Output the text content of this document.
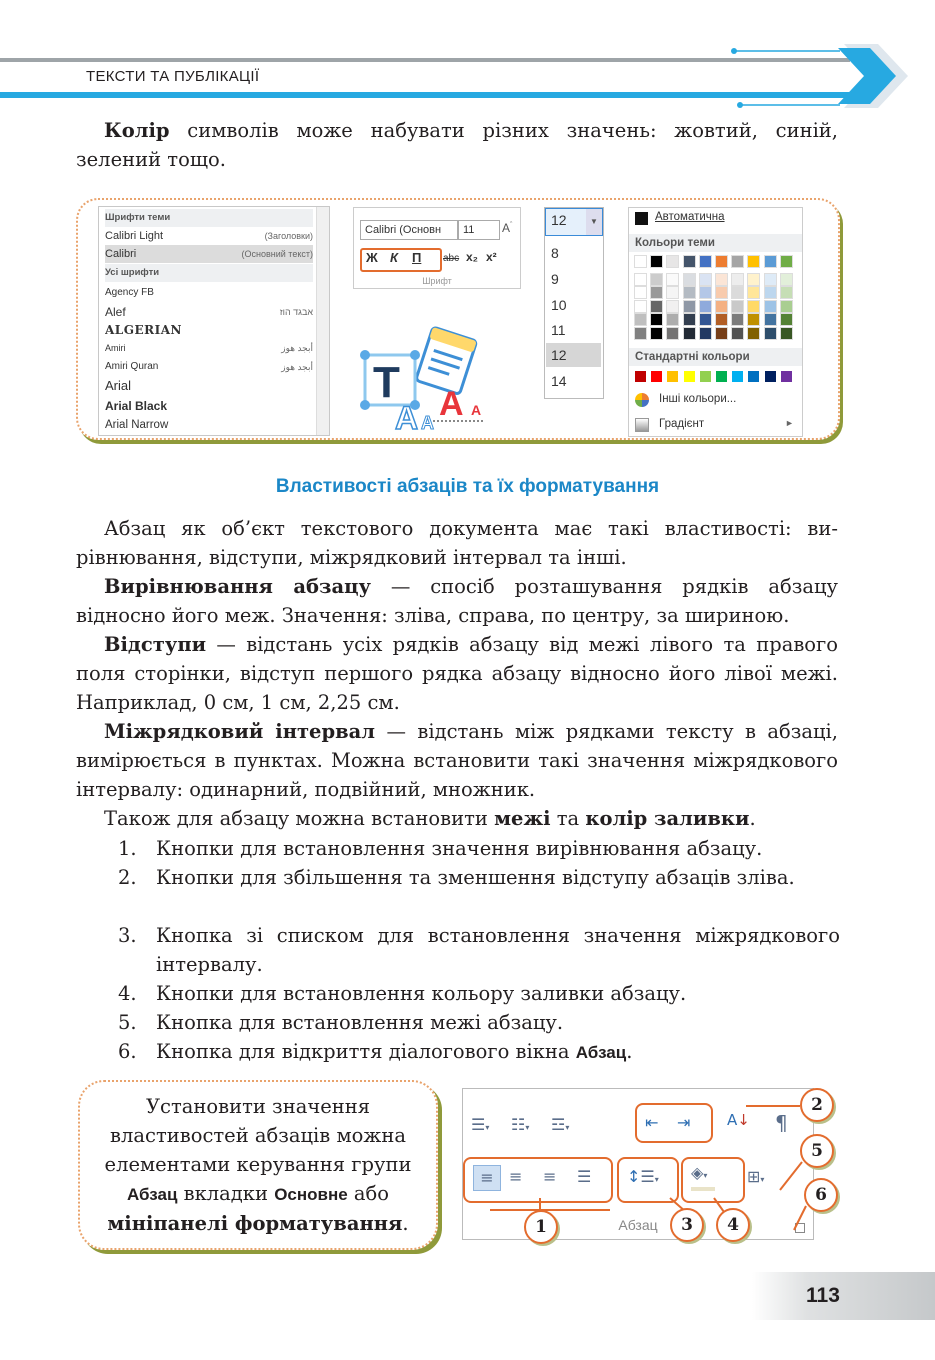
ТЕКСТИ ТА ПУБЛІКАЦІЇ

Колір символів може набувати різних значень: жовтий, синій, зелений тощо.

Шрифти теми
Calibri Light	(Заголовки)
Calibri	(Основний текст)
Усі шрифти
Agency FB
Alef	אבגד הוז
ALGERIAN
Amiri	أبجد هوز
Amiri Quran	أبجد هوز
Arial
Arial Black
Arial Narrow
Calibri (Основн	11	$A^ˆ$
Ж К П abc x₂ x²
Шрифт
T
A A A A
12	▼
8
9
10
11
12
14
Автоматична
Кольори теми
Стандартні кольори
Інші кольори...
Градієнт	►
Властивості абзаців та їх форматування

Абзац як об’єкт текстового документа має такі властивості: вирівнювання, відступи, міжрядковий інтервал та інші.

Вирівнювання абзацу — спосіб розташування рядків абзацу відносно його меж. Значення: зліва, справа, по центру, за шириною.

Відступи — відстань усіх рядків абзацу від межі лівого та правого поля сторінки, відступ першого рядка абзацу відносно його лівої межі. Наприклад, 0 см, 1 см, 2,25 см.

Міжрядковий інтервал — відстань між рядками тексту в абзаці, вимірюється в пунктах. Можна встановити такі значення міжрядкового інтервалу: одинарний, подвійний, множник.

Також для абзацу можна встановити межі та колір заливки.

1. Кнопки для встановлення значення вирівнювання абзацу.
2. Кнопки для збільшення та зменшення відступу абзаців зліва.
3. Кнопка зі списком для встановлення значення міжрядкового інтервалу.
4. Кнопки для встановлення кольору заливки абзацу.
5. Кнопка для встановлення межі абзацу.
6. Кнопка для відкриття діалогового вікна Абзац.
Установити значення властивостей абзаців можна елементами керування групи Абзац вкладки Основне або мініпанелі форматування.
☰▾ ☷▾ ☲▾	⇤ ⇥ A↓ ¶
≡ ≡ ≡ ☰ ↕☰▾ ◈▾ ⊞▾
Абзац
1
2
3	4
5
6
113
